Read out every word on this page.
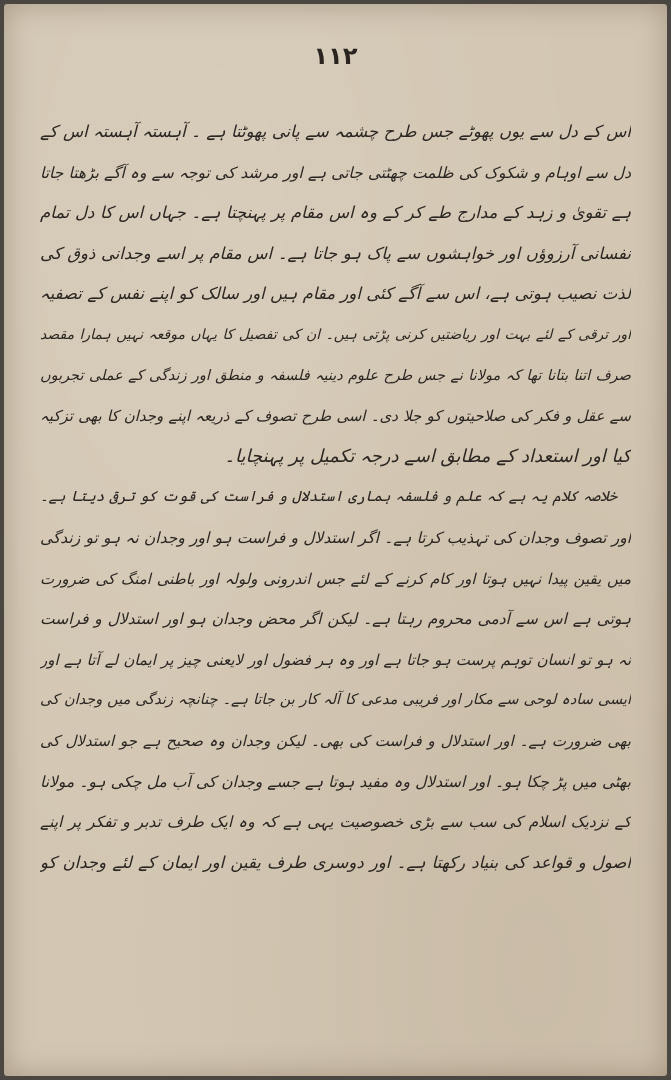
۱۱۲
اس کے دل سے یوں پھوٹے جس طرح چشمہ سے پانی پھوٹتا ہے ۔ آہستہ آہستہ اس کے
دل سے اوہام و شکوک کی ظلمت چھٹتی جاتی ہے اور مرشد کی توجہ سے وہ آگے بڑھتا جاتا
ہے تقویٰ و زہد کے مدارج طے کر کے وہ اس مقام پر پہنچتا ہے۔ جہاں اس کا دل تمام
نفسانی آرزوؤں اور خواہشوں سے پاک ہو جاتا ہے۔ اس مقام پر اسے وجدانی ذوق کی
لذت نصیب ہوتی ہے، اس سے آگے کئی اور مقام ہیں اور سالک کو اپنے نفس کے تصفیہ
اور ترقی کے لئے بہت اور ریاضتیں کرنی پڑتی ہیں۔ ان کی تفصیل کا یہاں موقعہ نہیں ہمارا مقصد
صرف اتنا بتانا تھا کہ مولانا نے جس طرح علوم دینیہ فلسفہ و منطق اور زندگی کے عملی تجربوں
سے عقل و فکر کی صلاحیتوں کو جلا دی۔ اسی طرح تصوف کے ذریعہ اپنے وجدان کا بھی تزکیہ
کیا اور استعداد کے مطابق اسے درجہ تکمیل پر پہنچایا۔
خلاصہ کلام یہ ہے کہ علم و فلسفہ ہماری استدلال و فراست کی قوت کو ترقی دیتا ہے۔
اور تصوف وجدان کی تہذیب کرتا ہے۔ اگر استدلال و فراست ہو اور وجدان نہ ہو تو زندگی
میں یقین پیدا نہیں ہوتا اور کام کرنے کے لئے جس اندرونی ولولہ اور باطنی امنگ کی ضرورت
ہوتی ہے اس سے آدمی محروم رہتا ہے۔ لیکن اگر محض وجدان ہو اور استدلال و فراست
نہ ہو تو انسان توہم پرست ہو جاتا ہے اور وہ ہر فضول اور لایعنی چیز پر ایمان لے آتا ہے اور
ایسی سادہ لوحی سے مکار اور فریبی مدعی کا آلہ کار بن جاتا ہے۔ چنانچہ زندگی میں وجدان کی
بھی ضرورت ہے۔ اور استدلال و فراست کی بھی۔ لیکن وجدان وہ صحیح ہے جو استدلال کی
بھٹی میں پڑ چکا ہو۔ اور استدلال وہ مفید ہوتا ہے جسے وجدان کی آب مل چکی ہو۔ مولانا
کے نزدیک اسلام کی سب سے بڑی خصوصیت یہی ہے کہ وہ ایک طرف تدبر و تفکر پر اپنے
اصول و قواعد کی بنیاد رکھتا ہے۔ اور دوسری طرف یقین اور ایمان کے لئے وجدان کو
